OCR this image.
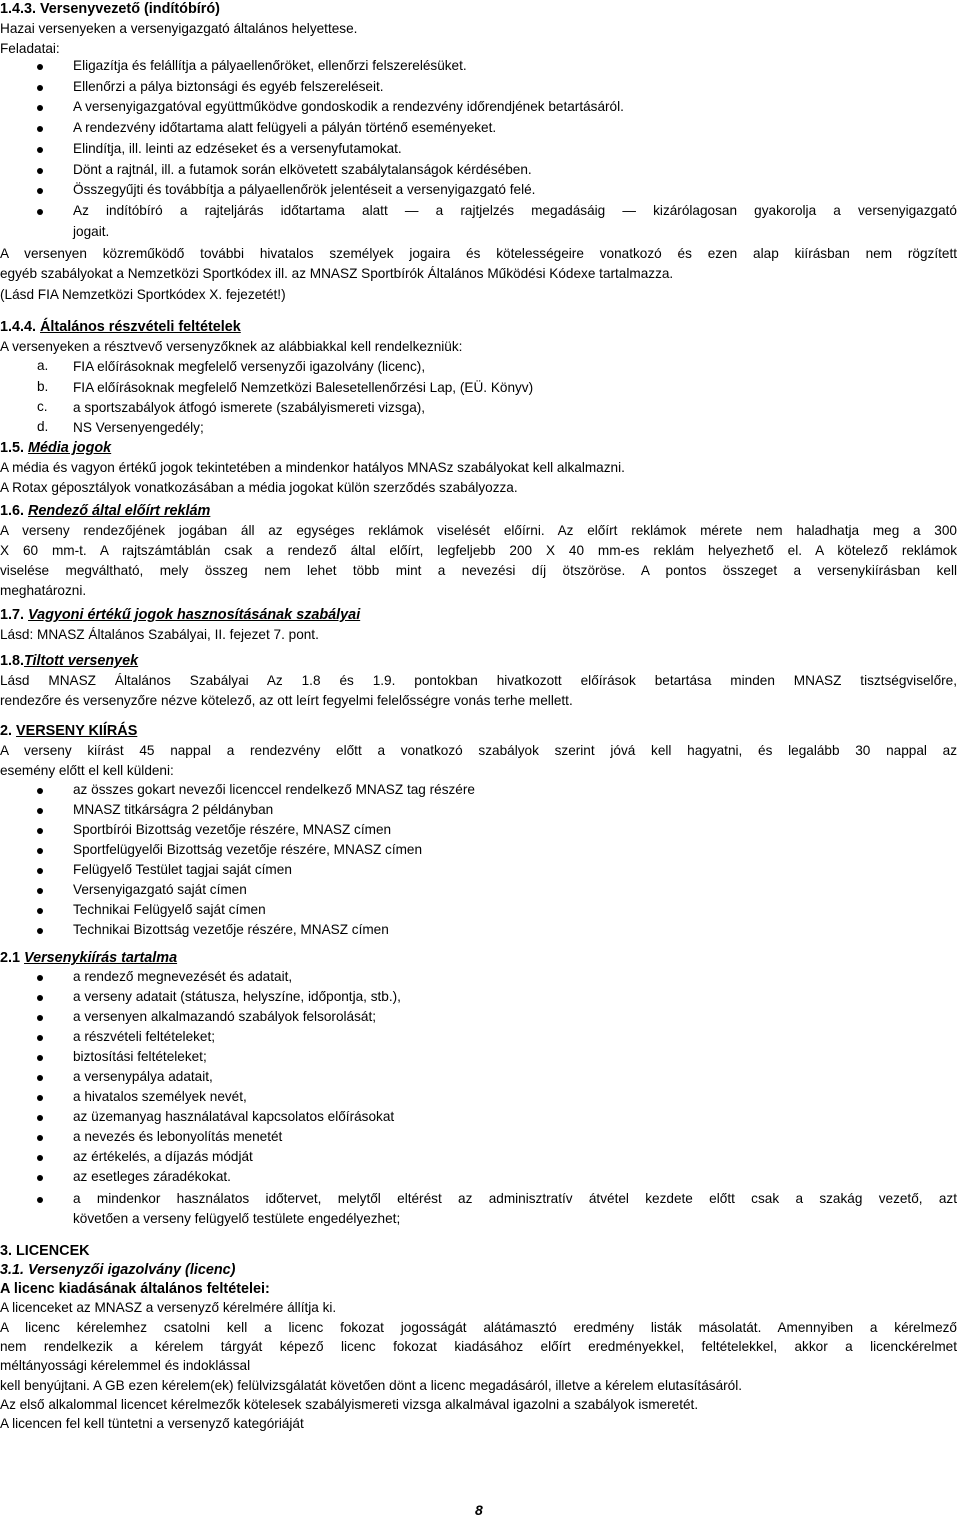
1.4.3. Versenyvezető (indítóbíró)
Hazai versenyeken a versenyigazgató általános helyettese.
Feladatai:
Eligazítja és felállítja a pályaellenőröket, ellenőrzi felszerelésüket.
Ellenőrzi a pálya biztonsági és egyéb felszereléseit.
A versenyigazgatóval együttműködve gondoskodik a rendezvény időrendjének betartásáról.
A rendezvény időtartama alatt felügyeli a pályán történő eseményeket.
Elindítja, ill. leinti az edzéseket és a versenyfutamokat.
Dönt a rajtnál, ill. a futamok során elkövetett szabálytalanságok kérdésében.
Összegyűjti és továbbítja a pályaellenőrök jelentéseit a versenyigazgató felé.
Az indítóbíró a rajteljárás időtartama alatt ― a rajtjelzés megadásáig ― kizárólagosan gyakorolja a versenyigazgató
jogait.
A versenyen közreműködő további hivatalos személyek jogaira és kötelességeire vonatkozó és ezen alap kiírásban nem rögzített
egyéb szabályokat a Nemzetközi Sportkódex ill. az MNASZ Sportbírók Általános Működési Kódexe tartalmazza.
(Lásd FIA Nemzetközi Sportkódex X. fejezetét!)
1.4.4. Általános részvételi feltételek
A versenyeken a résztvevő versenyzőknek az alábbiakkal kell rendelkezniük:
a. FIA előírásoknak megfelelő versenyzői igazolvány (licenc),
b. FIA előírásoknak megfelelő Nemzetközi Balesetellenőrzési Lap, (EÜ. Könyv)
c. a sportszabályok átfogó ismerete (szabályismereti vizsga),
d. NS Versenyengedély;
1.5. Média jogok
A média és vagyon értékű jogok tekintetében a mindenkor hatályos MNASz szabályokat kell alkalmazni.
A Rotax géposztályok vonatkozásában a média jogokat külön szerződés szabályozza.
1.6. Rendező által előírt reklám
A verseny rendezőjének jogában áll az egységes reklámok viselését előírni. Az előírt reklámok mérete nem haladhatja meg a 300
X 60 mm-t. A rajtszámtáblán csak a rendező által előírt, legfeljebb 200 X 40 mm-es reklám helyezhető el. A kötelező reklámok
viselése megváltható, mely összeg nem lehet több mint a nevezési díj ötszöröse. A pontos összeget a versenykiírásban kell
meghatározni.
1.7. Vagyoni értékű jogok hasznosításának szabályai
Lásd: MNASZ Általános Szabályai, II. fejezet 7. pont.
1.8.Tiltott versenyek
Lásd MNASZ Általános Szabályai Az 1.8 és 1.9. pontokban hivatkozott előírások betartása minden MNASZ tisztségviselőre,
rendezőre és versenyzőre nézve kötelező, az ott leírt fegyelmi felelősségre vonás terhe mellett.
2. VERSENY KIÍRÁS
A verseny kiírást 45 nappal a rendezvény előtt a vonatkozó szabályok szerint jóvá kell hagyatni, és legalább 30 nappal az
esemény előtt el kell küldeni:
az összes gokart nevezői licenccel rendelkező MNASZ tag részére
MNASZ titkárságra 2 példányban
Sportbírói Bizottság vezetője részére, MNASZ címen
Sportfelügyelői Bizottság vezetője részére, MNASZ címen
Felügyelő Testület tagjai saját címen
Versenyigazgató saját címen
Technikai Felügyelő saját címen
Technikai Bizottság vezetője részére, MNASZ címen
2.1 Versenykiírás tartalma
a rendező megnevezését és adatait,
a verseny adatait (státusza, helyszíne, időpontja, stb.),
a versenyen alkalmazandó szabályok felsorolását;
a részvételi feltételeket;
biztosítási feltételeket;
a versenypálya adatait,
a hivatalos személyek nevét,
az üzemanyag használatával kapcsolatos előírásokat
a nevezés és lebonyolítás menetét
az értékelés, a díjazás módját
az esetleges záradékokat.
a mindenkor használatos időtervet, melytől eltérést az adminisztratív átvétel kezdete előtt csak a szakág vezető, azt
követően a verseny felügyelő testülete engedélyezhet;
3. LICENCEK
3.1. Versenyzői igazolvány (licenc)
A licenc kiadásának általános feltételei:
A licenceket az MNASZ a versenyző kérelmére állítja ki.
A licenc kérelemhez csatolni kell a licenc fokozat jogosságát alátámasztó eredmény listák másolatát. Amennyiben a kérelmező
nem rendelkezik a kérelem tárgyát képező licenc fokozat kiadásához előírt eredményekkel, feltételekkel, akkor a licenckérelmet
méltányossági kérelemmel és indoklással
kell benyújtani. A GB ezen kérelem(ek) felülvizsgálatát követően dönt a licenc megadásáról, illetve a kérelem elutasításáról.
Az első alkalommal licencet kérelmezők kötelesek szabályismereti vizsga alkalmával igazolni a szabályok ismeretét.
A licencen fel kell tüntetni a versenyző kategóriáját
8
